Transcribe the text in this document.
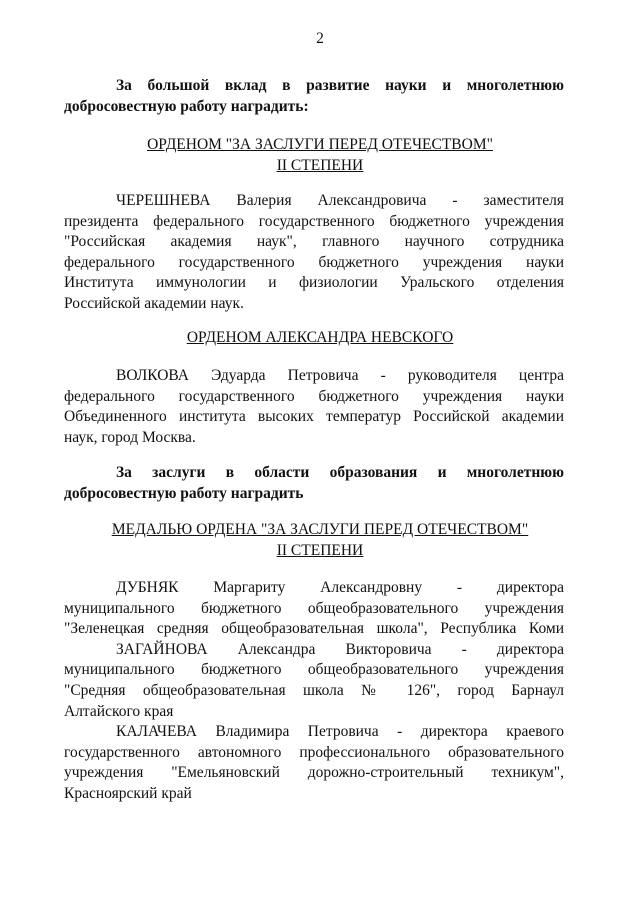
2

За большой вклад в развитие науки и многолетнюю

добросовестную работу наградить:

ОРДЕНОМ "ЗА ЗАСЛУГИ ПЕРЕД ОТЕЧЕСТВОМ"
II СТЕПЕНИ

ЧЕРЕШНЕВА Валерия Александровича - заместителя

президента федерального государственного бюджетного учреждения

"Российская академия наук", главного научного сотрудника

федерального государственного бюджетного учреждения науки

Института иммунологии и физиологии Уральского отделения

Российской академии наук.

ОРДЕНОМ АЛЕКСАНДРА НЕВСКОГО

ВОЛКОВА Эдуарда Петровича - руководителя центра

федерального государственного бюджетного учреждения науки

Объединенного института высоких температур Российской академии

наук, город Москва.

За заслуги в области образования и многолетнюю

добросовестную работу наградить

МЕДАЛЬЮ ОРДЕНА "ЗА ЗАСЛУГИ ПЕРЕД ОТЕЧЕСТВОМ"
II СТЕПЕНИ

ДУБНЯК Маргариту Александровну - директора

муниципального бюджетного общеобразовательного учреждения

"Зеленецкая средняя общеобразовательная школа", Республика Коми

ЗАГАЙНОВА Александра Викторовича - директора

муниципального бюджетного общеобразовательного учреждения

"Средняя общеобразовательная школа № 126", город Барнаул

Алтайского края

КАЛАЧЕВА Владимира Петровича - директора краевого

государственного автономного профессионального образовательного

учреждения "Емельяновский дорожно-строительный техникум",

Красноярский край
